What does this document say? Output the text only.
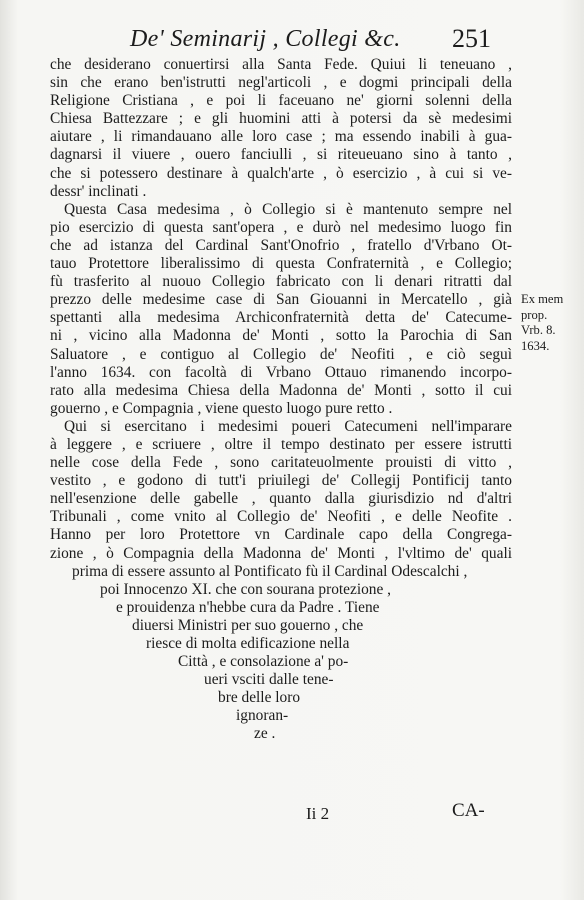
De' Seminarij , Collegi &c.	251
che desiderano conuertirsi alla Santa Fede. Quiui li teneuano ,
sin che erano ben'istrutti negl'articoli , e dogmi principali della
Religione Cristiana , e poi li faceuano ne' giorni solenni della
Chiesa Battezzare ; e gli huomini atti à potersi da sè medesimi
aiutare , li rimandauano alle loro case ; ma essendo inabili à gua-
dagnarsi il viuere , ouero fanciulli , si riteueuano sino à tanto ,
che si potessero destinare à qualch'arte , ò esercizio , à cui si ve-
dessr' inclinati .
Questa Casa medesima , ò Collegio si è mantenuto sempre nel
pio esercizio di questa sant'opera , e durò nel medesimo luogo fin
che ad istanza del Cardinal Sant'Onofrio , fratello d'Vrbano Ot-
tauo Protettore liberalissimo di questa Confraternità , e Collegio;
fù trasferito al nuouo Collegio fabricato con li denari ritratti dal
prezzo delle medesime case di San Giouanni in Mercatello , già
spettanti alla medesima Archiconfraternità detta de' Catecume-
ni , vicino alla Madonna de' Monti , sotto la Parochia di San
Saluatore , e contiguo al Collegio de' Neofiti , e ciò seguì
l'anno 1634. con facoltà di Vrbano Ottauo rimanendo incorpo-
rato alla medesima Chiesa della Madonna de' Monti , sotto il cui
gouerno , e Compagnia , viene questo luogo pure retto .
Qui si esercitano i medesimi poueri Catecumeni nell'imparare
à leggere , e scriuere , oltre il tempo destinato per essere istrutti
nelle cose della Fede , sono caritateuolmente prouisti di vitto ,
vestito , e godono di tutt'i priuilegi de' Collegij Pontificij tanto
nell'esenzione delle gabelle , quanto dalla giurisdizio nd d'altri
Tribunali , come vnito al Collegio de' Neofiti , e delle Neofite .
Hanno per loro Protettore vn Cardinale capo della Congrega-
zione , ò Compagnia della Madonna de' Monti , l'vltimo de' quali
prima di essere assunto al Pontificato fù il Cardinal Odescalchi ,
poi Innocenzo XI. che con sourana protezione ,
e prouidenza n'hebbe cura da Padre . Tiene
diuersi Ministri per suo gouerno , che
riesce di molta edificazione nella
Città , e consolazione a' po-
ueri vsciti dalle tene-
bre delle loro
ignoran-
ze .
Ex mem
prop.
Vrb. 8.
1634.
Ii 2	CA-
